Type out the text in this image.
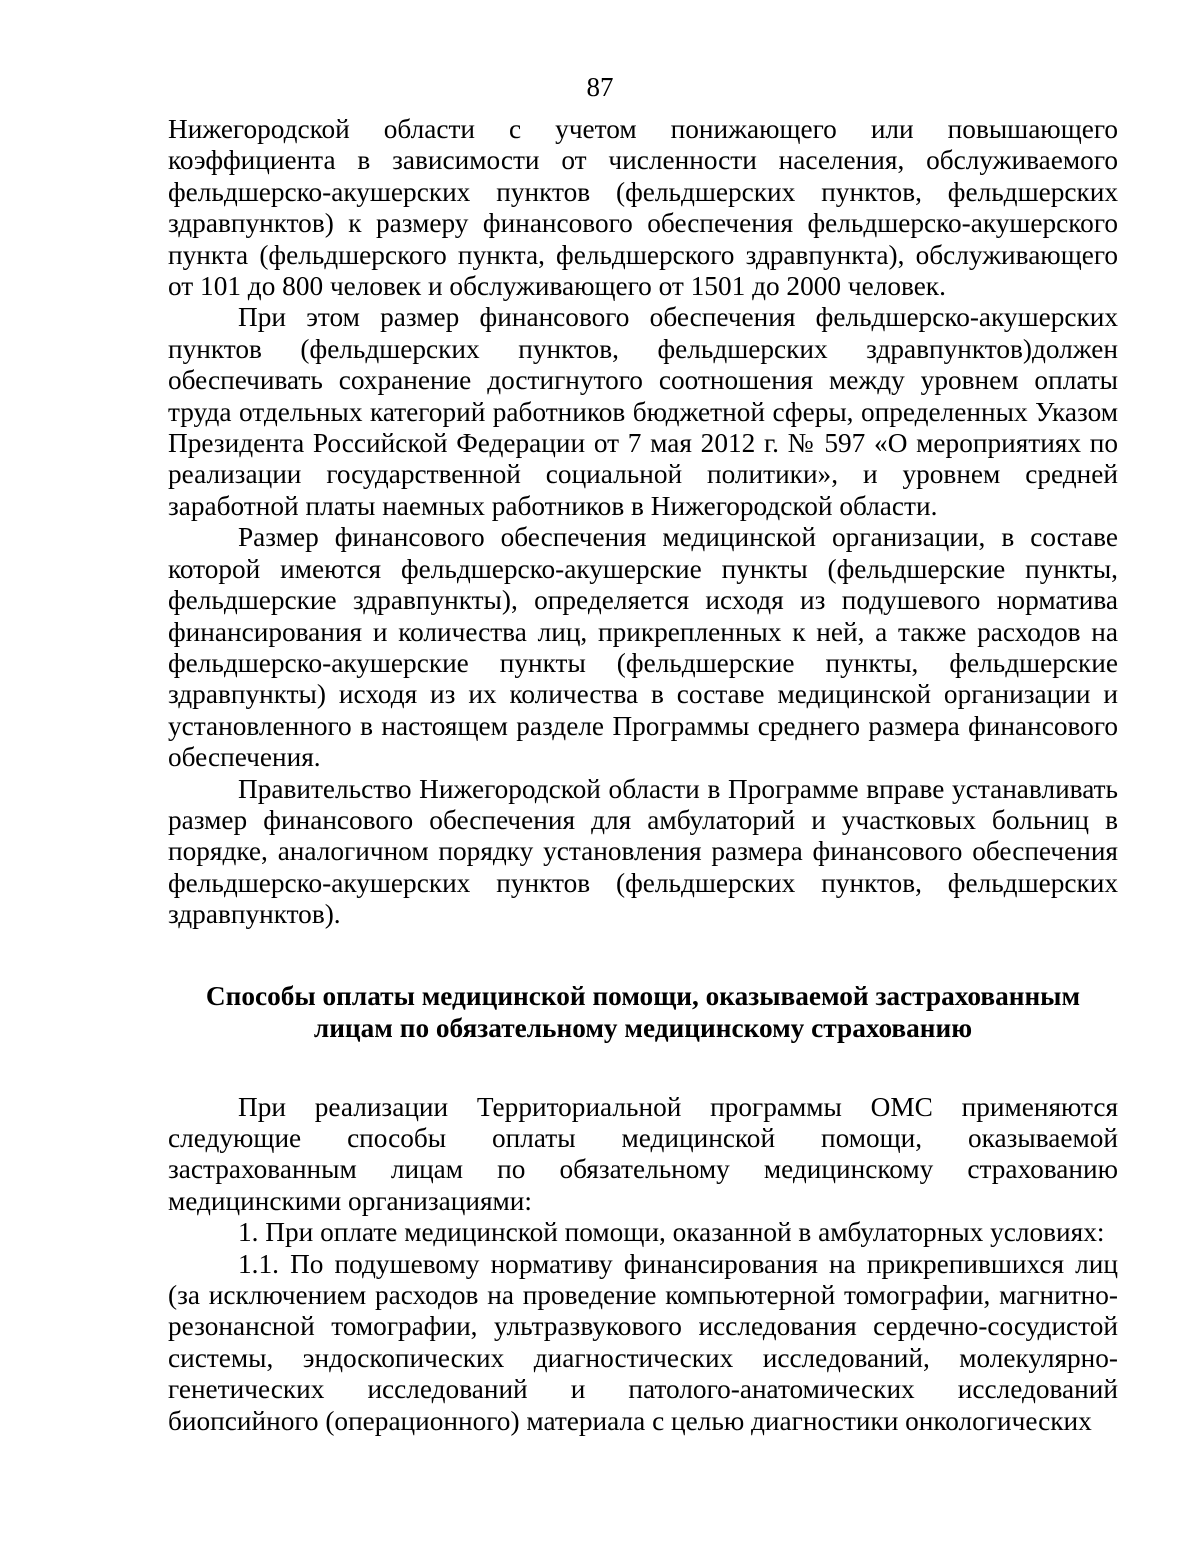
87

Нижегородской области с учетом понижающего или повышающего коэффициента в зависимости от численности населения, обслуживаемого фельдшерско-акушерских пунктов (фельдшерских пунктов, фельдшерских здравпунктов) к размеру финансового обеспечения фельдшерско-акушерского пункта (фельдшерского пункта, фельдшерского здравпункта), обслуживающего от 101 до 800 человек и обслуживающего от 1501 до 2000 человек.

При этом размер финансового обеспечения фельдшерско-акушерских пунктов (фельдшерских пунктов, фельдшерских здравпунктов)должен обеспечивать сохранение достигнутого соотношения между уровнем оплаты труда отдельных категорий работников бюджетной сферы, определенных Указом Президента Российской Федерации от 7 мая 2012 г. № 597 «О мероприятиях по реализации государственной социальной политики», и уровнем средней заработной платы наемных работников в Нижегородской области.

Размер финансового обеспечения медицинской организации, в составе которой имеются фельдшерско-акушерские пункты (фельдшерские пункты, фельдшерские здравпункты), определяется исходя из подушевого норматива финансирования и количества лиц, прикрепленных к ней, а также расходов на фельдшерско-акушерские пункты (фельдшерские пункты, фельдшерские здравпункты) исходя из их количества в составе медицинской организации и установленного в настоящем разделе Программы среднего размера финансового обеспечения.

Правительство Нижегородской области в Программе вправе устанавливать размер финансового обеспечения для амбулаторий и участковых больниц в порядке, аналогичном порядку установления размера финансового обеспечения фельдшерско-акушерских пунктов (фельдшерских пунктов, фельдшерских здравпунктов).

Способы оплаты медицинской помощи, оказываемой застрахованным
лицам по обязательному медицинскому страхованию

При реализации Территориальной программы ОМС применяются следующие способы оплаты медицинской помощи, оказываемой застрахованным лицам по обязательному медицинскому страхованию медицинскими организациями:

1. При оплате медицинской помощи, оказанной в амбулаторных условиях:

1.1. По подушевому нормативу финансирования на прикрепившихся лиц (за исключением расходов на проведение компьютерной томографии, магнитно-резонансной томографии, ультразвукового исследования сердечно-сосудистой системы, эндоскопических диагностических исследований, молекулярно-генетических исследований и патолого-анатомических исследований биопсийного (операционного) материала с целью диагностики онкологических
